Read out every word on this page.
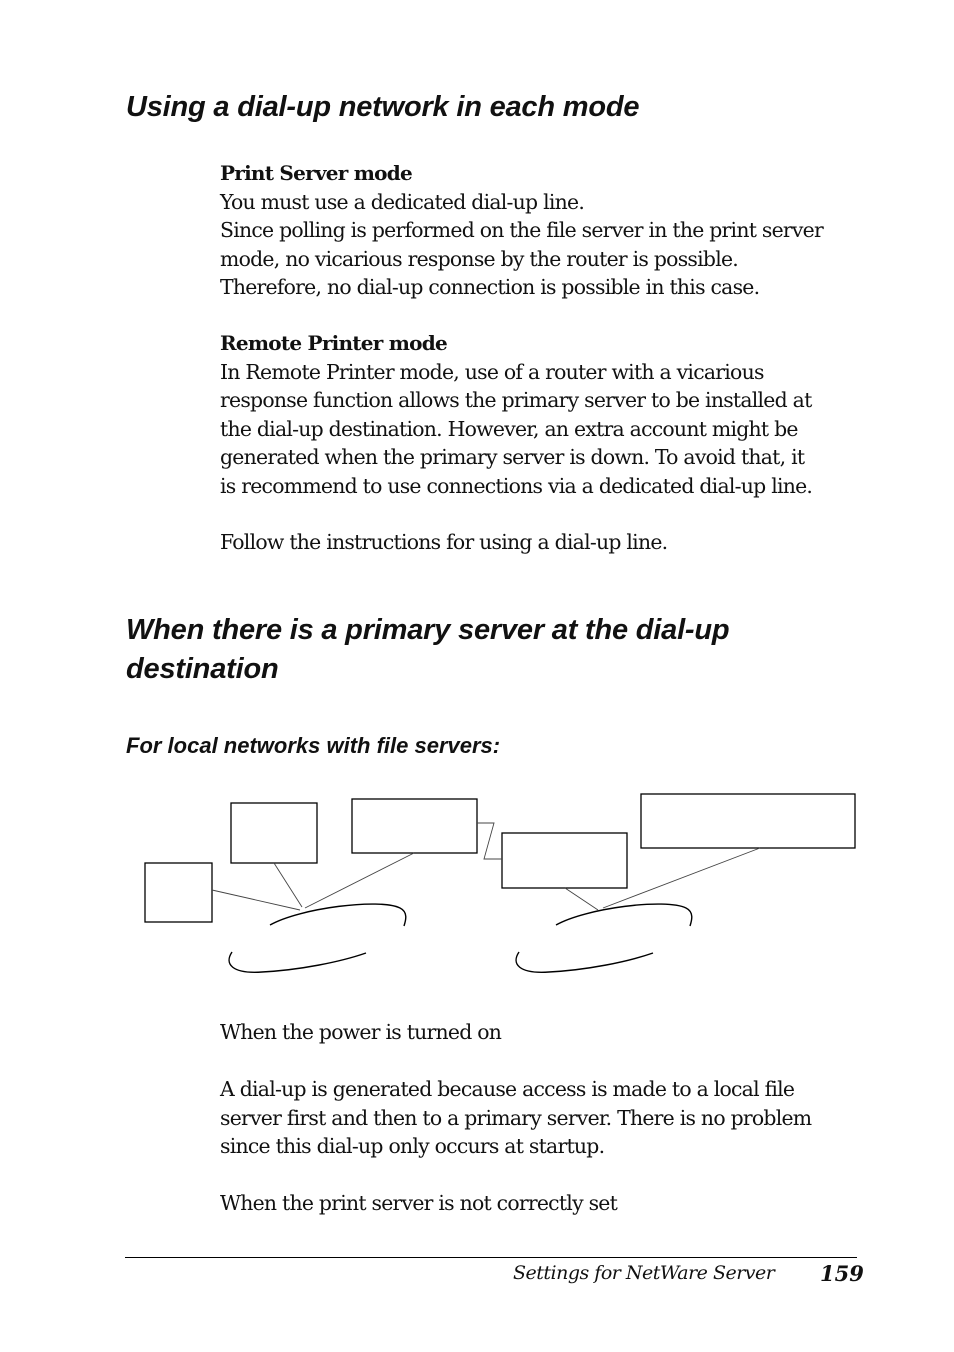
Using a dial-up network in each mode

Print Server mode

You must use a dedicated dial-up line.

Since polling is performed on the file server in the print server

mode, no vicarious response by the router is possible.

Therefore, no dial-up connection is possible in this case.

Remote Printer mode

In Remote Printer mode, use of a router with a vicarious

response function allows the primary server to be installed at

the dial-up destination. However, an extra account might be

generated when the primary server is down. To avoid that, it

is recommend to use connections via a dedicated dial-up line.

Follow the instructions for using a dial-up line.

When there is a primary server at the dial-up
destination
For local networks with file servers:

When the power is turned on

A dial-up is generated because access is made to a local file

server first and then to a primary server. There is no problem

since this dial-up only occurs at startup.

When the print server is not correctly set

Settings for NetWare Server 159
